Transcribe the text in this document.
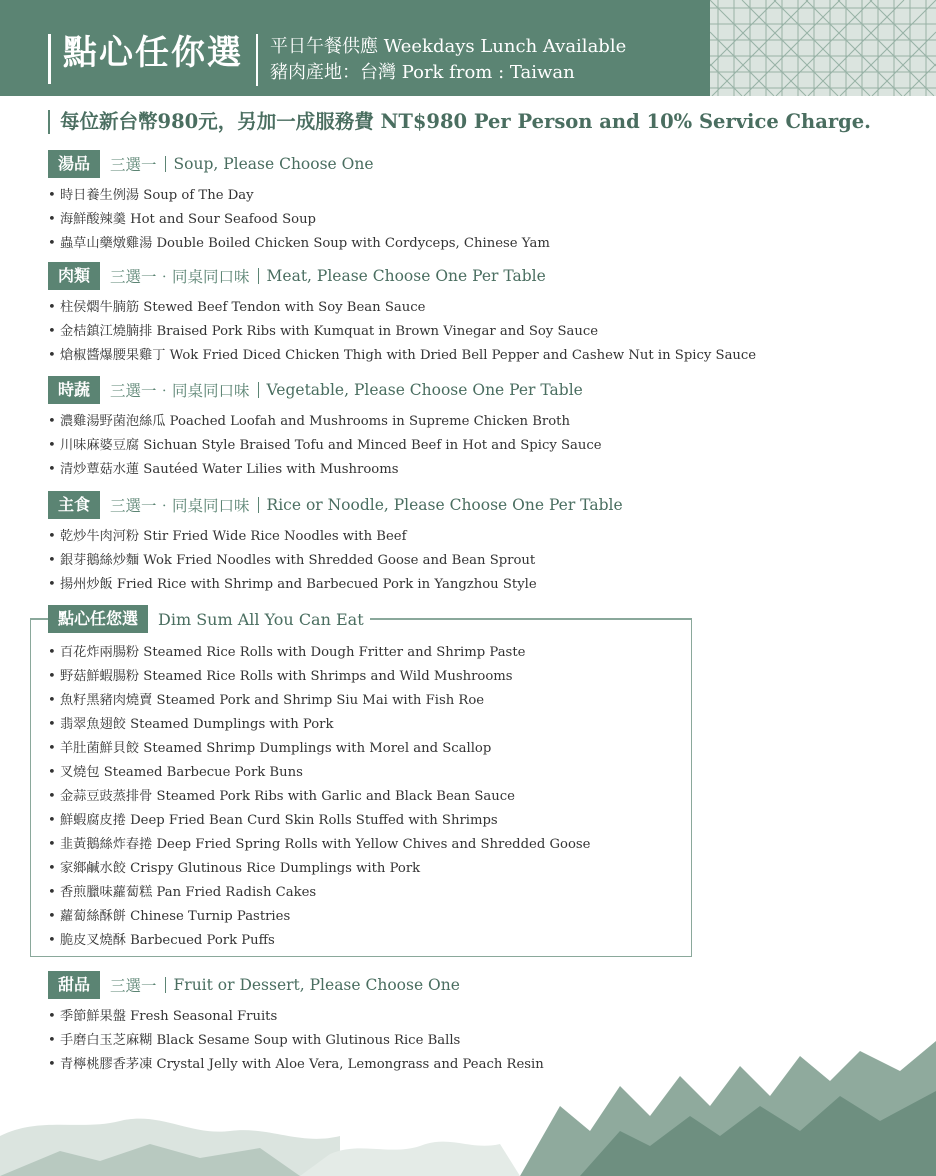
點心任你選 平日午餐供應 Weekdays Lunch Available
豬肉產地：台灣 Pork from : Taiwan
每位新台幣980元，另加一成服務費 NT$980 Per Person and 10% Service Charge.
湯品	三選一 Soup, Please Choose One
• 時日養生例湯 Soup of The Day
• 海鮮酸辣羹 Hot and Sour Seafood Soup
• 蟲草山藥燉雞湯 Double Boiled Chicken Soup with Cordyceps, Chinese Yam
肉類	三選一‧同桌同口味 Meat, Please Choose One Per Table
• 柱侯燜牛腩筋 Stewed Beef Tendon with Soy Bean Sauce
• 金桔鎮江燒腩排 Braised Pork Ribs with Kumquat in Brown Vinegar and Soy Sauce
• 熗椒醬爆腰果雞丁 Wok Fried Diced Chicken Thigh with Dried Bell Pepper and Cashew Nut in Spicy Sauce
時蔬	三選一‧同桌同口味 Vegetable, Please Choose One Per Table
• 濃雞湯野菌泡絲瓜 Poached Loofah and Mushrooms in Supreme Chicken Broth
• 川味麻婆豆腐 Sichuan Style Braised Tofu and Minced Beef in Hot and Spicy Sauce
• 清炒蕈菇水蓮 Sautéed Water Lilies with Mushrooms
主食	三選一‧同桌同口味 Rice or Noodle, Please Choose One Per Table
• 乾炒牛肉河粉 Stir Fried Wide Rice Noodles with Beef
• 銀芽鵝絲炒麵 Wok Fried Noodles with Shredded Goose and Bean Sprout
• 揚州炒飯 Fried Rice with Shrimp and Barbecued Pork in Yangzhou Style
點心任您選	Dim Sum All You Can Eat
• 百花炸兩腸粉 Steamed Rice Rolls with Dough Fritter and Shrimp Paste
• 野菇鮮蝦腸粉 Steamed Rice Rolls with Shrimps and Wild Mushrooms
• 魚籽黑豬肉燒賣 Steamed Pork and Shrimp Siu Mai with Fish Roe
• 翡翠魚翅餃 Steamed Dumplings with Pork
• 羊肚菌鮮貝餃 Steamed Shrimp Dumplings with Morel and Scallop
• 叉燒包 Steamed Barbecue Pork Buns
• 金蒜豆豉蒸排骨 Steamed Pork Ribs with Garlic and Black Bean Sauce
• 鮮蝦腐皮捲 Deep Fried Bean Curd Skin Rolls Stuffed with Shrimps
• 韭黃鵝絲炸春捲 Deep Fried Spring Rolls with Yellow Chives and Shredded Goose
• 家鄉鹹水餃 Crispy Glutinous Rice Dumplings with Pork
• 香煎臘味蘿蔔糕 Pan Fried Radish Cakes
• 蘿蔔絲酥餅 Chinese Turnip Pastries
• 脆皮叉燒酥 Barbecued Pork Puffs
甜品	三選一 Fruit or Dessert, Please Choose One
• 季節鮮果盤 Fresh Seasonal Fruits
• 手磨白玉芝麻糊 Black Sesame Soup with Glutinous Rice Balls
• 青檸桃膠香茅凍 Crystal Jelly with Aloe Vera, Lemongrass and Peach Resin
